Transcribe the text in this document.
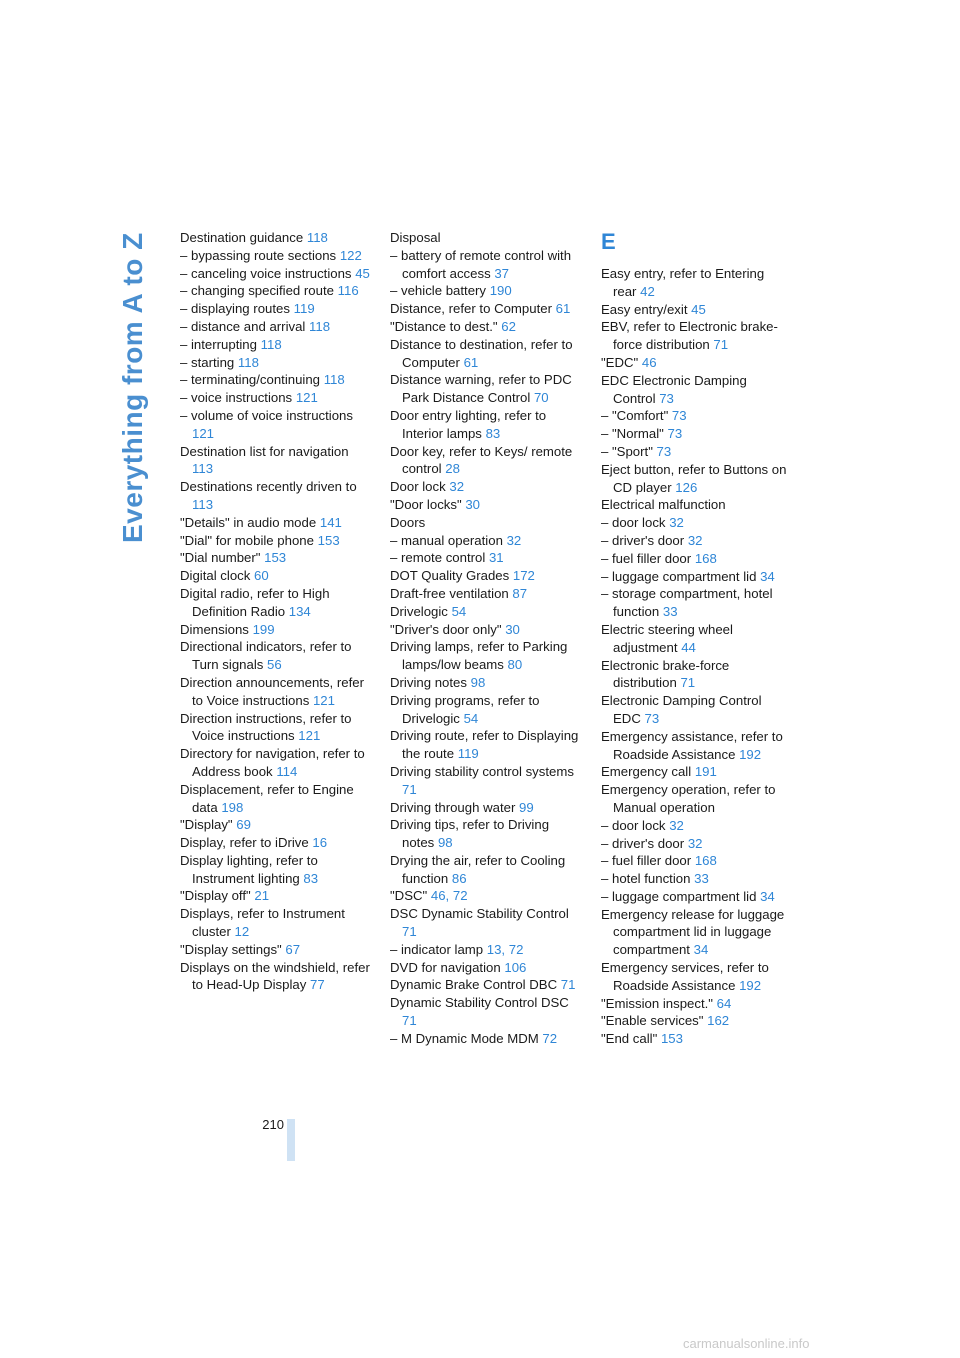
Everything from A to Z Destination guidance 118

– bypassing route sections 122

– canceling voice instructions 45

– changing specified route 116

– displaying routes 119

– distance and arrival 118

– interrupting 118

– starting 118

– terminating/continuing 118

– voice instructions 121

– volume of voice instructions 121

Destination list for navigation 113

Destinations recently driven to 113

"Details" in audio mode 141

"Dial" for mobile phone 153

"Dial number" 153

Digital clock 60

Digital radio, refer to High Definition Radio 134

Dimensions 199

Directional indicators, refer to Turn signals 56

Direction announcements, refer to Voice instructions 121

Direction instructions, refer to Voice instructions 121

Directory for navigation, refer to Address book 114

Displacement, refer to Engine data 198

"Display" 69

Display, refer to iDrive 16

Display lighting, refer to Instrument lighting 83

"Display off" 21

Displays, refer to Instrument cluster 12

"Display settings" 67

Displays on the windshield, refer to Head-Up Display 77

Disposal

– battery of remote control with comfort access 37

– vehicle battery 190

Distance, refer to Computer 61

"Distance to dest." 62

Distance to destination, refer to Computer 61

Distance warning, refer to PDC Park Distance Control 70

Door entry lighting, refer to Interior lamps 83

Door key, refer to Keys/ remote control 28

Door lock 32

"Door locks" 30

Doors

– manual operation 32

– remote control 31

DOT Quality Grades 172

Draft-free ventilation 87

Drivelogic 54

"Driver's door only" 30

Driving lamps, refer to Parking lamps/low beams 80

Driving notes 98

Driving programs, refer to Drivelogic 54

Driving route, refer to Displaying the route 119

Driving stability control systems 71

Driving through water 99

Driving tips, refer to Driving notes 98

Drying the air, refer to Cooling function 86

"DSC" 46, 72

DSC Dynamic Stability Control 71

– indicator lamp 13, 72

DVD for navigation 106

Dynamic Brake Control DBC 71

Dynamic Stability Control DSC 71

– M Dynamic Mode MDM 72

E

Easy entry, refer to Entering rear 42

Easy entry/exit 45

EBV, refer to Electronic brake-force distribution 71

"EDC" 46

EDC Electronic Damping Control 73

– "Comfort" 73

– "Normal" 73

– "Sport" 73

Eject button, refer to Buttons on CD player 126

Electrical malfunction

– door lock 32

– driver's door 32

– fuel filler door 168

– luggage compartment lid 34

– storage compartment, hotel function 33

Electric steering wheel adjustment 44

Electronic brake-force distribution 71

Electronic Damping Control EDC 73

Emergency assistance, refer to Roadside Assistance 192

Emergency call 191

Emergency operation, refer to Manual operation

– door lock 32

– driver's door 32

– fuel filler door 168

– hotel function 33

– luggage compartment lid 34

Emergency release for luggage compartment lid in luggage compartment 34

Emergency services, refer to Roadside Assistance 192

"Emission inspect." 64

"Enable services" 162

"End call" 153

210
carmanualsonline.info
